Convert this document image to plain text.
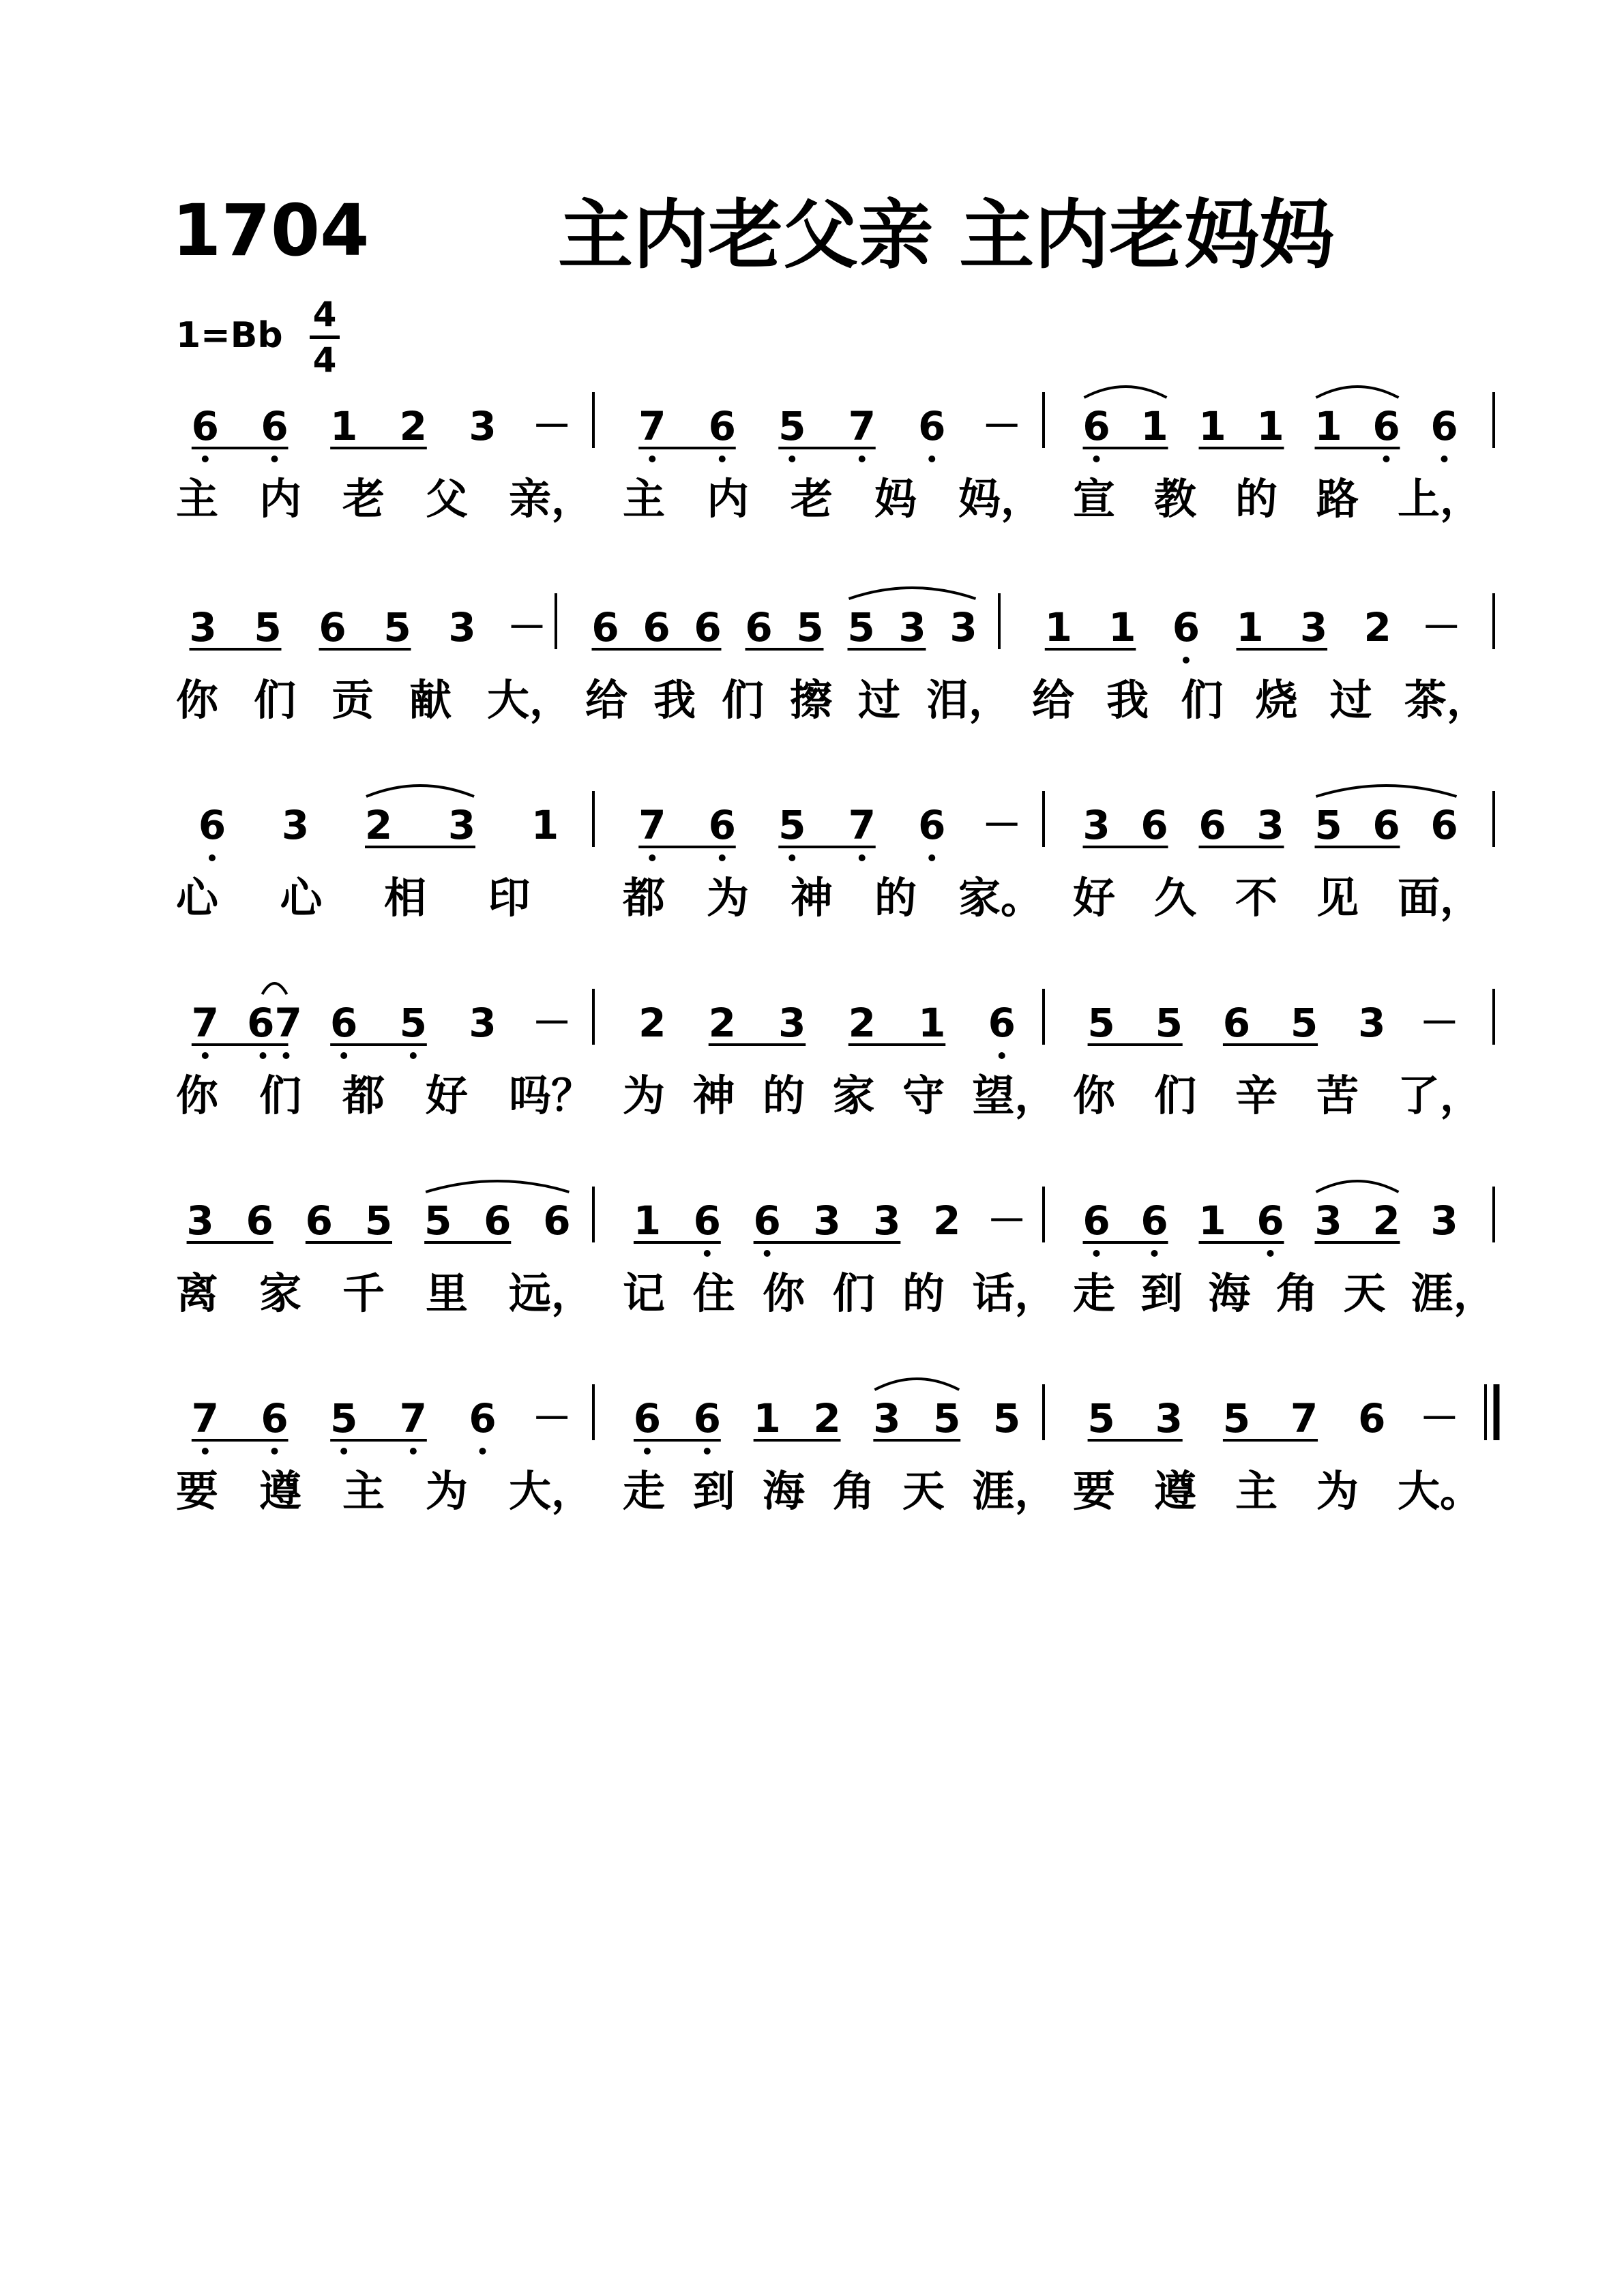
1704	主内老父亲 主内老妈妈
1=Bb
4
4
6 6 1 2 3 －
主 内 老 父 亲，
7 6 5 7 6 －
主 内 老 妈 妈，
6 1 1 1 1 6 6
宣 教 的 路 上，
3 5 6 5 3 －
你 们 贡 献 大，
6 6 6 6 5 5 3 3
给 我 们 擦 过 泪，
1 1 6 1 3 2 －
给 我 们 烧 过 茶，
6 3 2 3 1
心 心 相 印
7 6 5 7 6 －
都 为 神 的 家。
3 6 6 3 5 6 6
好 久 不 见 面，
7 67 6 5 3 －
你 们 都 好 吗？
2 2 3 2 1 6
为 神 的 家 守 望，
5 5 6 5 3 －
你 们 辛 苦 了，
3 6 6 5 5 6 6
离 家 千 里 远，
1 6 6 3 3 2 －
记 住 你 们 的 话，
6 6 1 6 3 2 3
走 到 海 角 天 涯，
7 6 5 7 6 －
要 遵 主 为 大，
6 6 1 2 3 5 5
走 到 海 角 天 涯，
5 3 5 7 6 －
要 遵 主 为 大。
